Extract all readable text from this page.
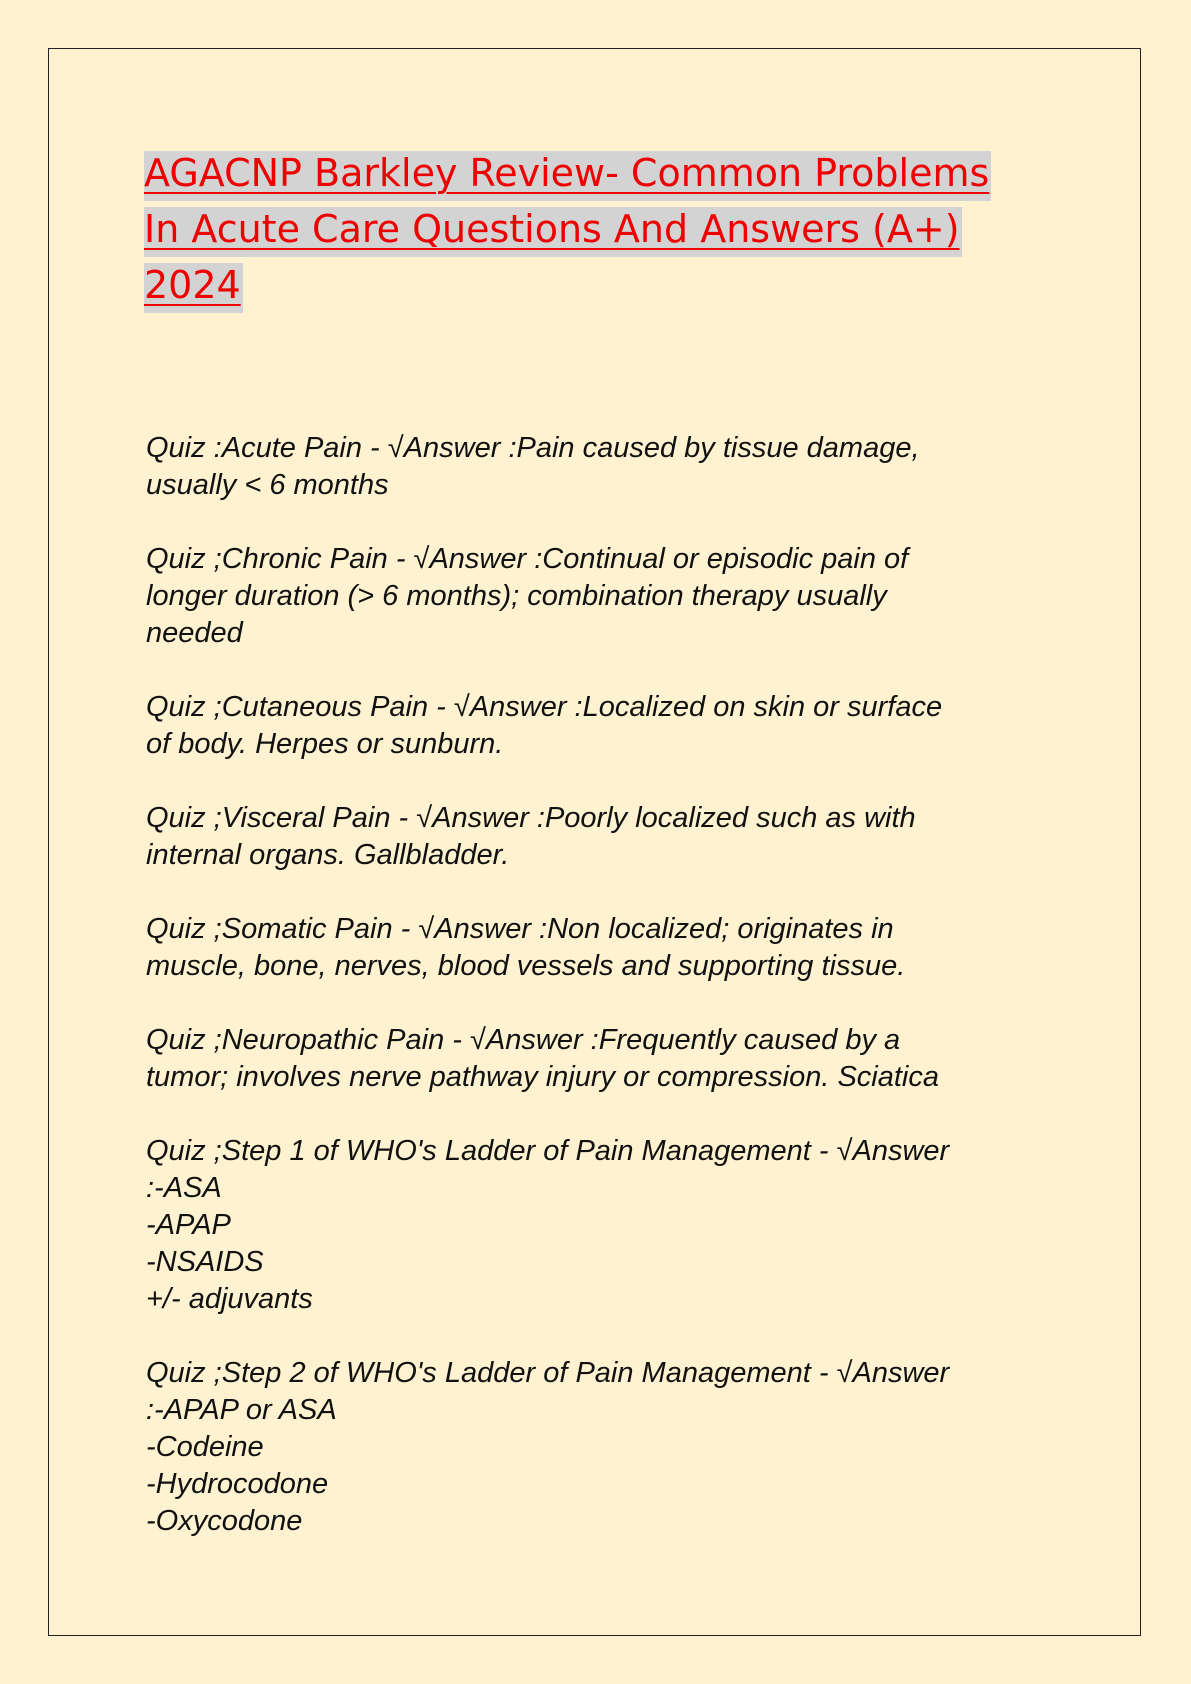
AGACNP Barkley Review- Common Problems
In Acute Care Questions And Answers (A+)
2024
Quiz :Acute Pain - √Answer :Pain caused by tissue damage,
usually < 6 months
Quiz ;Chronic Pain - √Answer :Continual or episodic pain of
longer duration (> 6 months); combination therapy usually
needed
Quiz ;Cutaneous Pain - √Answer :Localized on skin or surface
of body. Herpes or sunburn.
Quiz ;Visceral Pain - √Answer :Poorly localized such as with
internal organs. Gallbladder.
Quiz ;Somatic Pain - √Answer :Non localized; originates in
muscle, bone, nerves, blood vessels and supporting tissue.
Quiz ;Neuropathic Pain - √Answer :Frequently caused by a
tumor; involves nerve pathway injury or compression. Sciatica
Quiz ;Step 1 of WHO's Ladder of Pain Management - √Answer
:-ASA
-APAP
-NSAIDS
+/- adjuvants
Quiz ;Step 2 of WHO's Ladder of Pain Management - √Answer
:-APAP or ASA
-Codeine
-Hydrocodone
-Oxycodone
